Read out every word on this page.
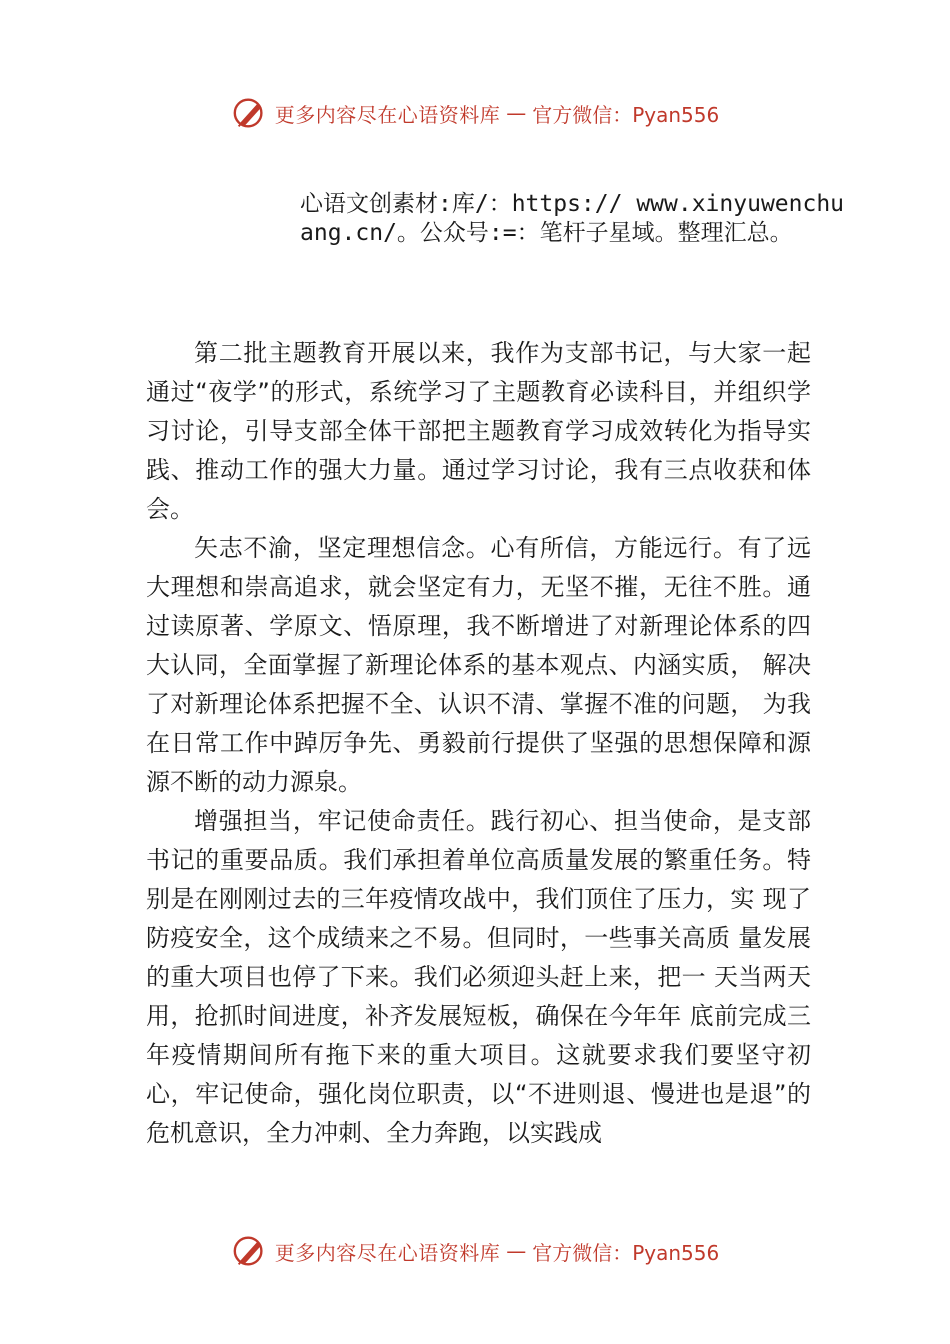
更多内容尽在心语资料库 — 官方微信：Pyan556
心语文创素材:库/：https:// www.xinyuwenchuang.cn/。公众号:=：笔杆子星域。整理汇总。

第二批主题教育开展以来，我作为支部书记，与大家一起通过“夜学”的形式，系统学习了主题教育必读科目，并组织学习讨论，引导支部全体干部把主题教育学习成效转化为指导实践、推动工作的强大力量。通过学习讨论，我有三点收获和体会。

矢志不渝，坚定理想信念。心有所信，方能远行。有了远大理想和崇高追求，就会坚定有力，无坚不摧，无往不胜。通过读原著、学原文、悟原理，我不断增进了对新理论体系的四大认同，全面掌握了新理论体系的基本观点、内涵实质， 解决了对新理论体系把握不全、认识不清、掌握不准的问题， 为我在日常工作中踔厉争先、勇毅前行提供了坚强的思想保障和源源不断的动力源泉。

增强担当，牢记使命责任。践行初心、担当使命，是支部书记的重要品质。我们承担着单位高质量发展的繁重任务。特别是在刚刚过去的三年疫情攻战中，我们顶住了压力，实 现了防疫安全，这个成绩来之不易。但同时，一些事关高质 量发展的重大项目也停了下来。我们必须迎头赶上来，把一 天当两天用，抢抓时间进度，补齐发展短板，确保在今年年 底前完成三年疫情期间所有拖下来的重大项目。这就要求我们要坚守初心，牢记使命，强化岗位职责，以“不进则退、慢进也是退”的危机意识，全力冲刺、全力奔跑，以实践成

更多内容尽在心语资料库 — 官方微信：Pyan556
